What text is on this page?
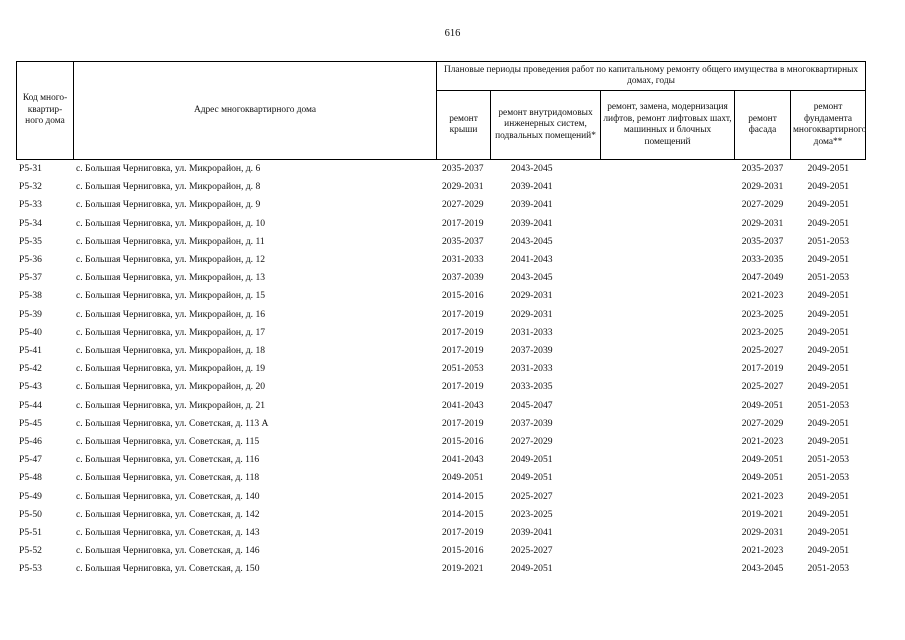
616
Код много-
квартир-
ного дома	Адрес многоквартирного дома	Плановые периоды проведения работ по капитальному ремонту общего имущества в многоквартирных домах, годы				
		ремонт крыши	ремонт внутридомовых инженерных систем, подвальных помещений*	ремонт, замена, модернизация лифтов, ремонт лифтовых шахт, машинных и блочных помещений	ремонт фасада	ремонт фундамента многоквартирного дома**
Р5-31	с. Большая Черниговка, ул. Микрорайон, д. 6	2035-2037	2043-2045		2035-2037	2049-2051
Р5-32	с. Большая Черниговка, ул. Микрорайон, д. 8	2029-2031	2039-2041		2029-2031	2049-2051
Р5-33	с. Большая Черниговка, ул. Микрорайон, д. 9	2027-2029	2039-2041		2027-2029	2049-2051
Р5-34	с. Большая Черниговка, ул. Микрорайон, д. 10	2017-2019	2039-2041		2029-2031	2049-2051
Р5-35	с. Большая Черниговка, ул. Микрорайон, д. 11	2035-2037	2043-2045		2035-2037	2051-2053
Р5-36	с. Большая Черниговка, ул. Микрорайон, д. 12	2031-2033	2041-2043		2033-2035	2049-2051
Р5-37	с. Большая Черниговка, ул. Микрорайон, д. 13	2037-2039	2043-2045		2047-2049	2051-2053
Р5-38	с. Большая Черниговка, ул. Микрорайон, д. 15	2015-2016	2029-2031		2021-2023	2049-2051
Р5-39	с. Большая Черниговка, ул. Микрорайон, д. 16	2017-2019	2029-2031		2023-2025	2049-2051
Р5-40	с. Большая Черниговка, ул. Микрорайон, д. 17	2017-2019	2031-2033		2023-2025	2049-2051
Р5-41	с. Большая Черниговка, ул. Микрорайон, д. 18	2017-2019	2037-2039		2025-2027	2049-2051
Р5-42	с. Большая Черниговка, ул. Микрорайон, д. 19	2051-2053	2031-2033		2017-2019	2049-2051
Р5-43	с. Большая Черниговка, ул. Микрорайон, д. 20	2017-2019	2033-2035		2025-2027	2049-2051
Р5-44	с. Большая Черниговка, ул. Микрорайон, д. 21	2041-2043	2045-2047		2049-2051	2051-2053
Р5-45	с. Большая Черниговка, ул. Советская, д. 113 А	2017-2019	2037-2039		2027-2029	2049-2051
Р5-46	с. Большая Черниговка, ул. Советская, д. 115	2015-2016	2027-2029		2021-2023	2049-2051
Р5-47	с. Большая Черниговка, ул. Советская, д. 116	2041-2043	2049-2051		2049-2051	2051-2053
Р5-48	с. Большая Черниговка, ул. Советская, д. 118	2049-2051	2049-2051		2049-2051	2051-2053
Р5-49	с. Большая Черниговка, ул. Советская, д. 140	2014-2015	2025-2027		2021-2023	2049-2051
Р5-50	с. Большая Черниговка, ул. Советская, д. 142	2014-2015	2023-2025		2019-2021	2049-2051
Р5-51	с. Большая Черниговка, ул. Советская, д. 143	2017-2019	2039-2041		2029-2031	2049-2051
Р5-52	с. Большая Черниговка, ул. Советская, д. 146	2015-2016	2025-2027		2021-2023	2049-2051
Р5-53	с. Большая Черниговка, ул. Советская, д. 150	2019-2021	2049-2051		2043-2045	2051-2053
